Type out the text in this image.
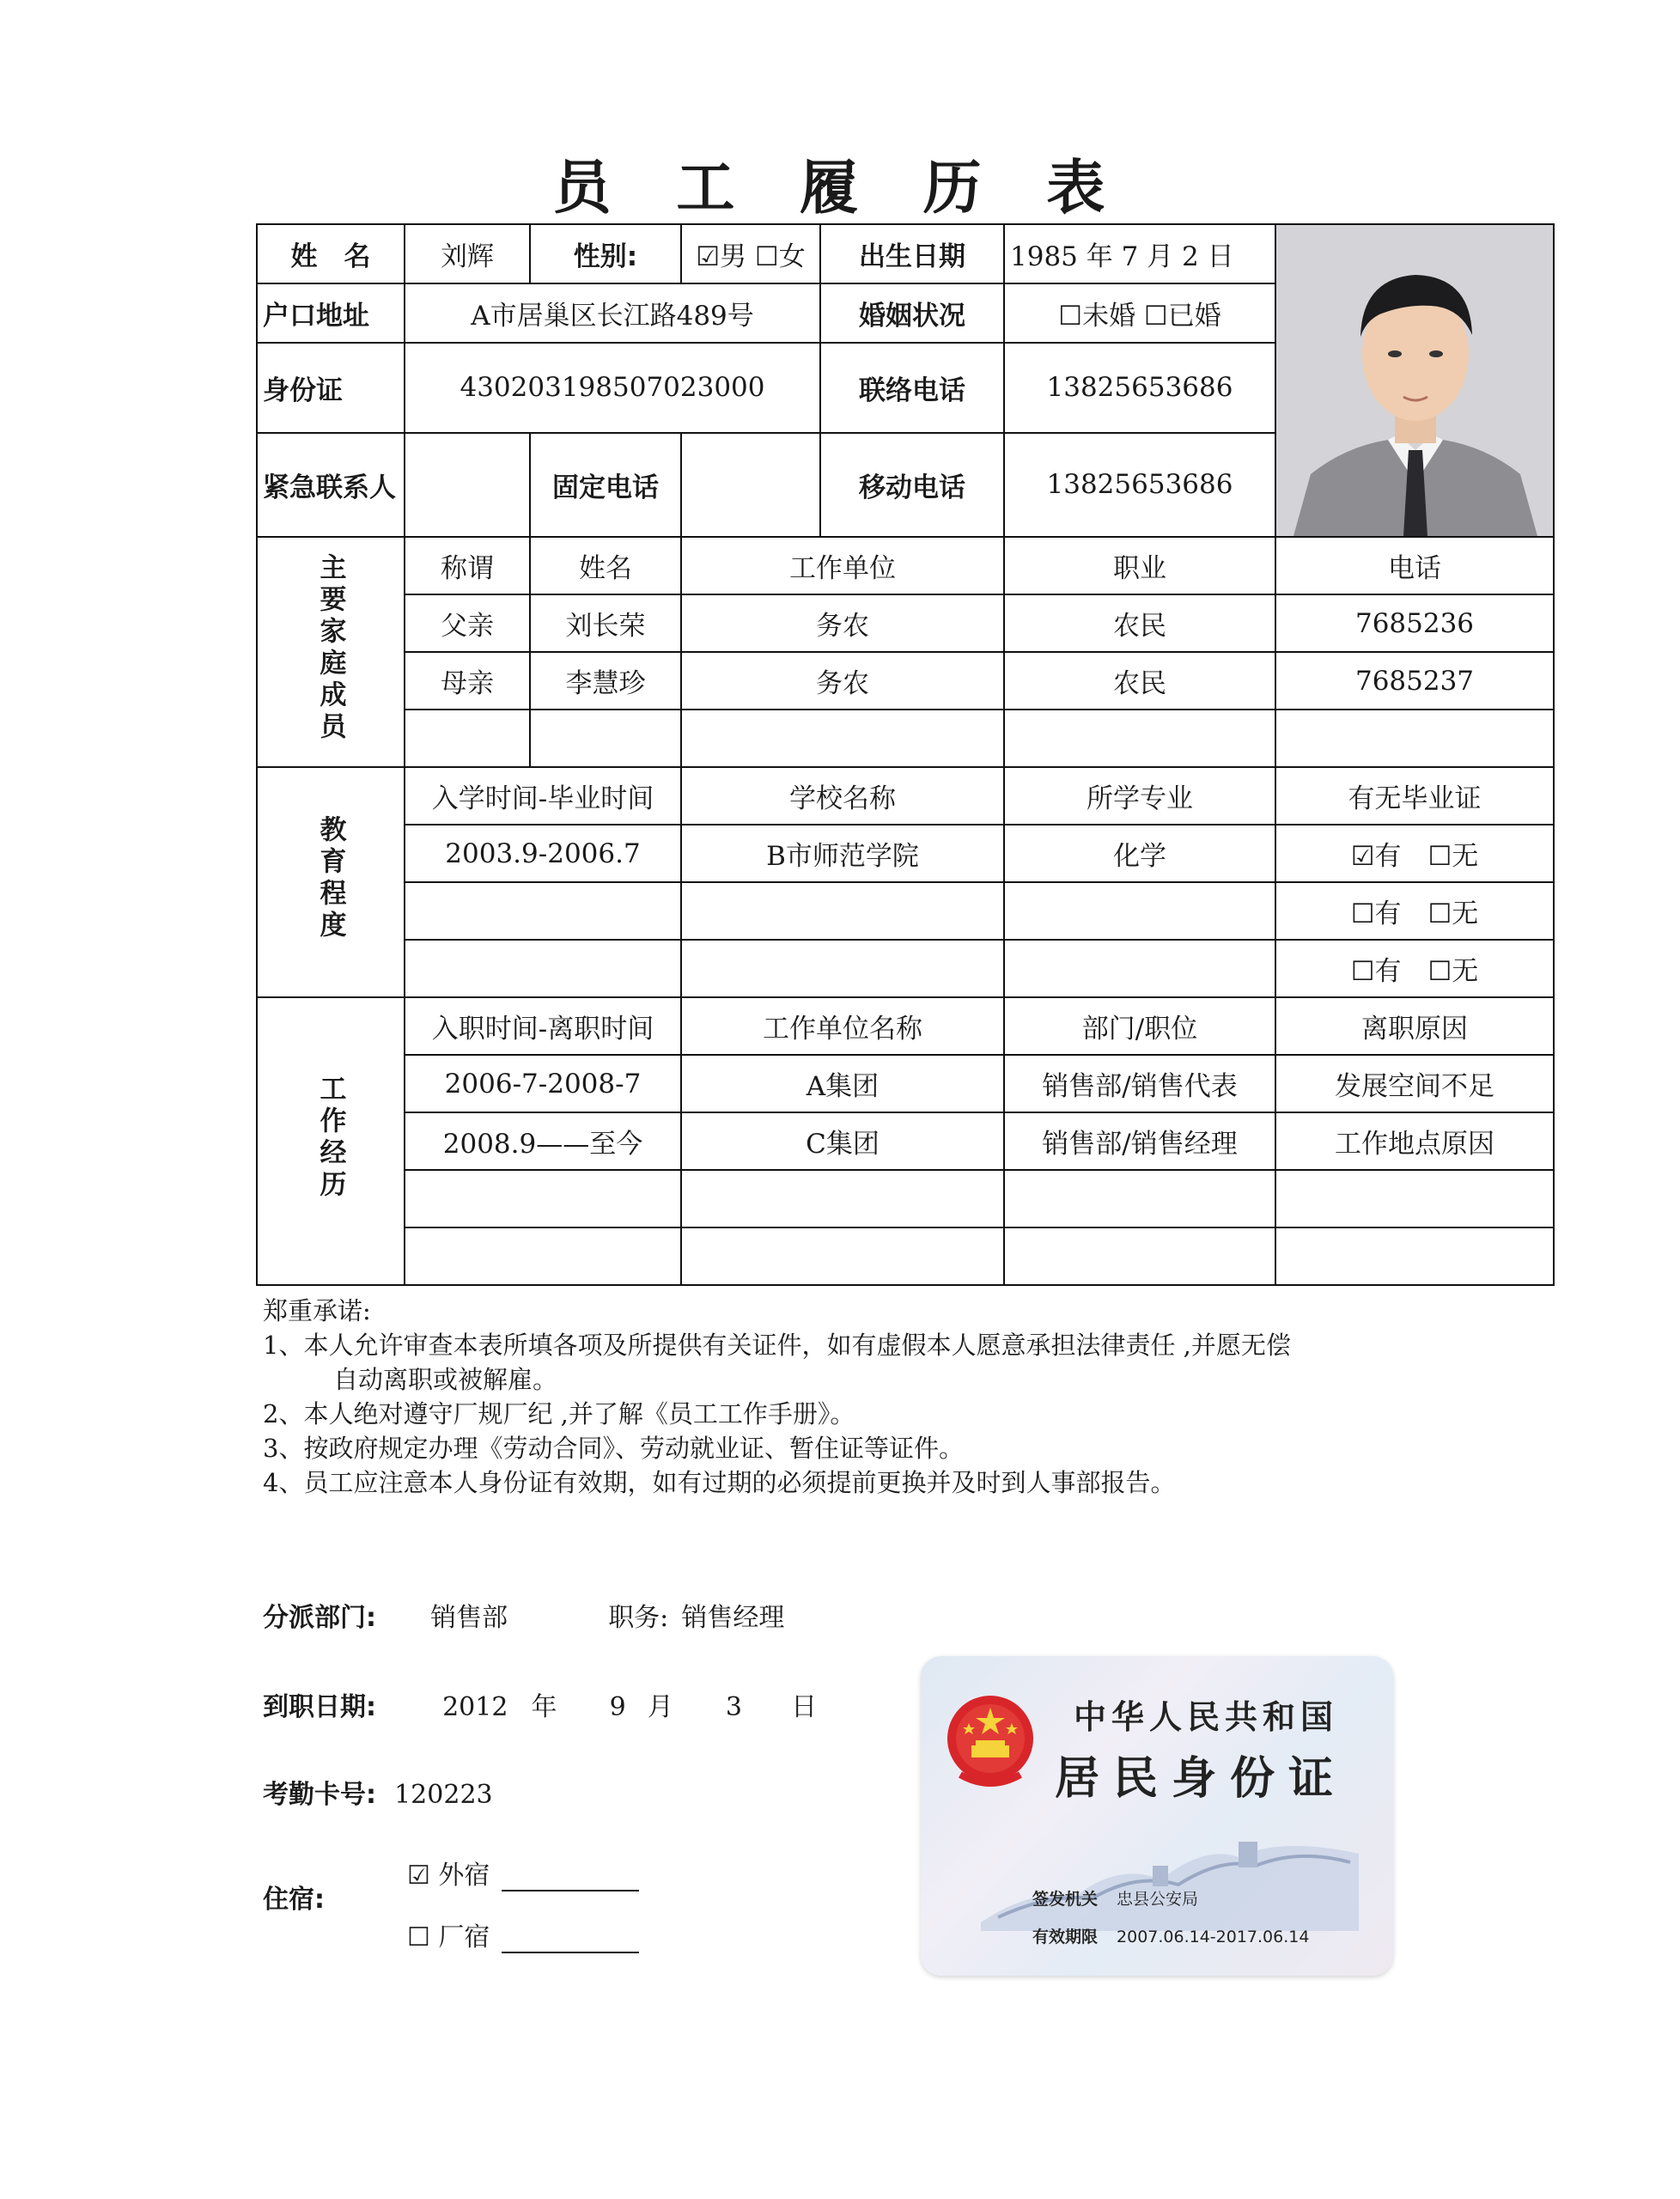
员 工 履 历 表
姓　名	刘辉	性别:	☑男 ☐女	出生日期	1985 年 7 月 2 日	

户口地址	A市居巢区长江路489号			婚姻状况	☐未婚 ☐已婚	
身份证	430203198507023000			联络电话	13825653686	
紧急联系人		固定电话		移动电话	13825653686	
主要家庭成员	称谓	姓名	工作单位		职业	电话
	父亲	刘长荣	务农		农民	7685236
	母亲	李慧珍	务农		农民	7685237

教育程度	入学时间-毕业时间		学校名称		所学专业	有无毕业证
	2003.9-2006.7		B市师范学院		化学	☑有　☐无
						☐有　☐无
						☐有　☐无
工作经历	入职时间-离职时间		工作单位名称		部门/职位	离职原因
	2006-7-2008-7		A集团		销售部/销售代表	发展空间不足
	2008.9——至今		C集团		销售部/销售经理	工作地点原因

郑重承诺:
1、本人允许审查本表所填各项及所提供有关证件，如有虚假本人愿意承担法律责任 ,并愿无偿
自动离职或被解雇。
2、本人绝对遵守厂规厂纪 ,并了解《员工工作手册》。
3、按政府规定办理《劳动合同》、劳动就业证、暂住证等证件。
4、员工应注意本人身份证有效期，如有过期的必须提前更换并及时到人事部报告。
分派部门: 销售部	职务: 销售经理
到职日期:	2012 年 9 月 3 日
考勤卡号: 120223
住宿:
☑ 外宿
☐ 厂宿
中华人民共和国
居民身份证
签发机关 忠县公安局
有效期限 2007.06.14-2017.06.14
